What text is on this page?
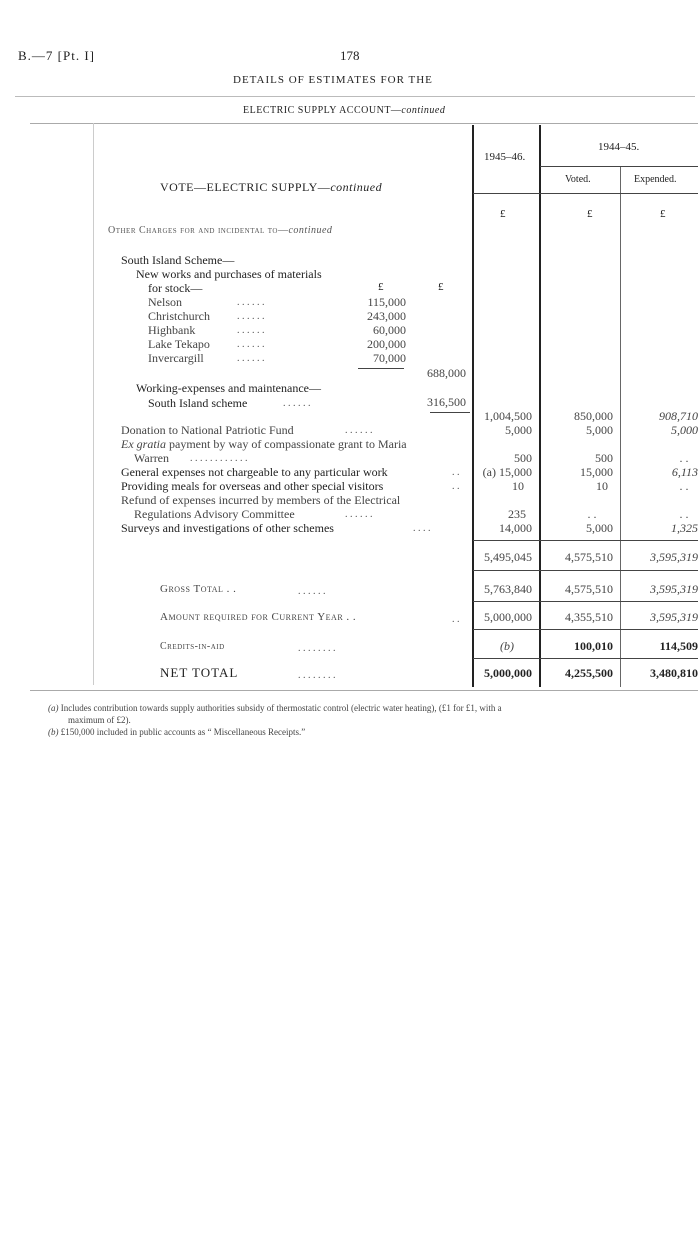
B.—7 [Pt. I]	178
DETAILS OF ESTIMATES FOR THE
ELECTRIC SUPPLY ACCOUNT—continued
1945–46.
1944–45.
Voted.	Expended.
VOTE—ELECTRIC SUPPLY—continued
£	£	£
Other Charges for and incidental to—continued
South Island Scheme—
New works and purchases of materials
for stock—	£	£
Nelson	. . . . . .	115,000
Christchurch	. . . . . .	243,000
Highbank	. . . . . .	60,000
Lake Tekapo	. . . . . .	200,000
Invercargill	. . . . . .	70,000
688,000
Working-expenses and maintenance—
South Island scheme	. . . . . .	316,500
1,004,500	850,000	908,710
Donation to National Patriotic Fund	. . . . . .	5,000	5,000	5,000
Ex gratia payment by way of compassionate grant to Maria
Warren . . . . . . . . . . . .	500	500	. .
General expenses not chargeable to any particular work	. .	(a) 15,000	15,000	6,113
Providing meals for overseas and other special visitors	. .	10	10	. .
Refund of expenses incurred by members of the Electrical
Regulations Advisory Committee	. . . . . .	235	. .	. .
Surveys and investigations of other schemes	. . . .	14,000	5,000	1,325
5,495,045	4,575,510	3,595,319
Gross Total . .	. . . . . .	5,763,840	4,575,510	3,595,319
Amount required for Current Year . .	. .	5,000,000	4,355,510	3,595,319
Credits-in-aid	. . . . . . . .	(b)	100,010	114,509
NET TOTAL	. . . . . . . .	5,000,000	4,255,500	3,480,810
(a) Includes contribution towards supply authorities subsidy of thermostatic control (electric water heating), (£1 for £1, with a
maximum of £2).
(b) £150,000 included in public accounts as “ Miscellaneous Receipts.”
